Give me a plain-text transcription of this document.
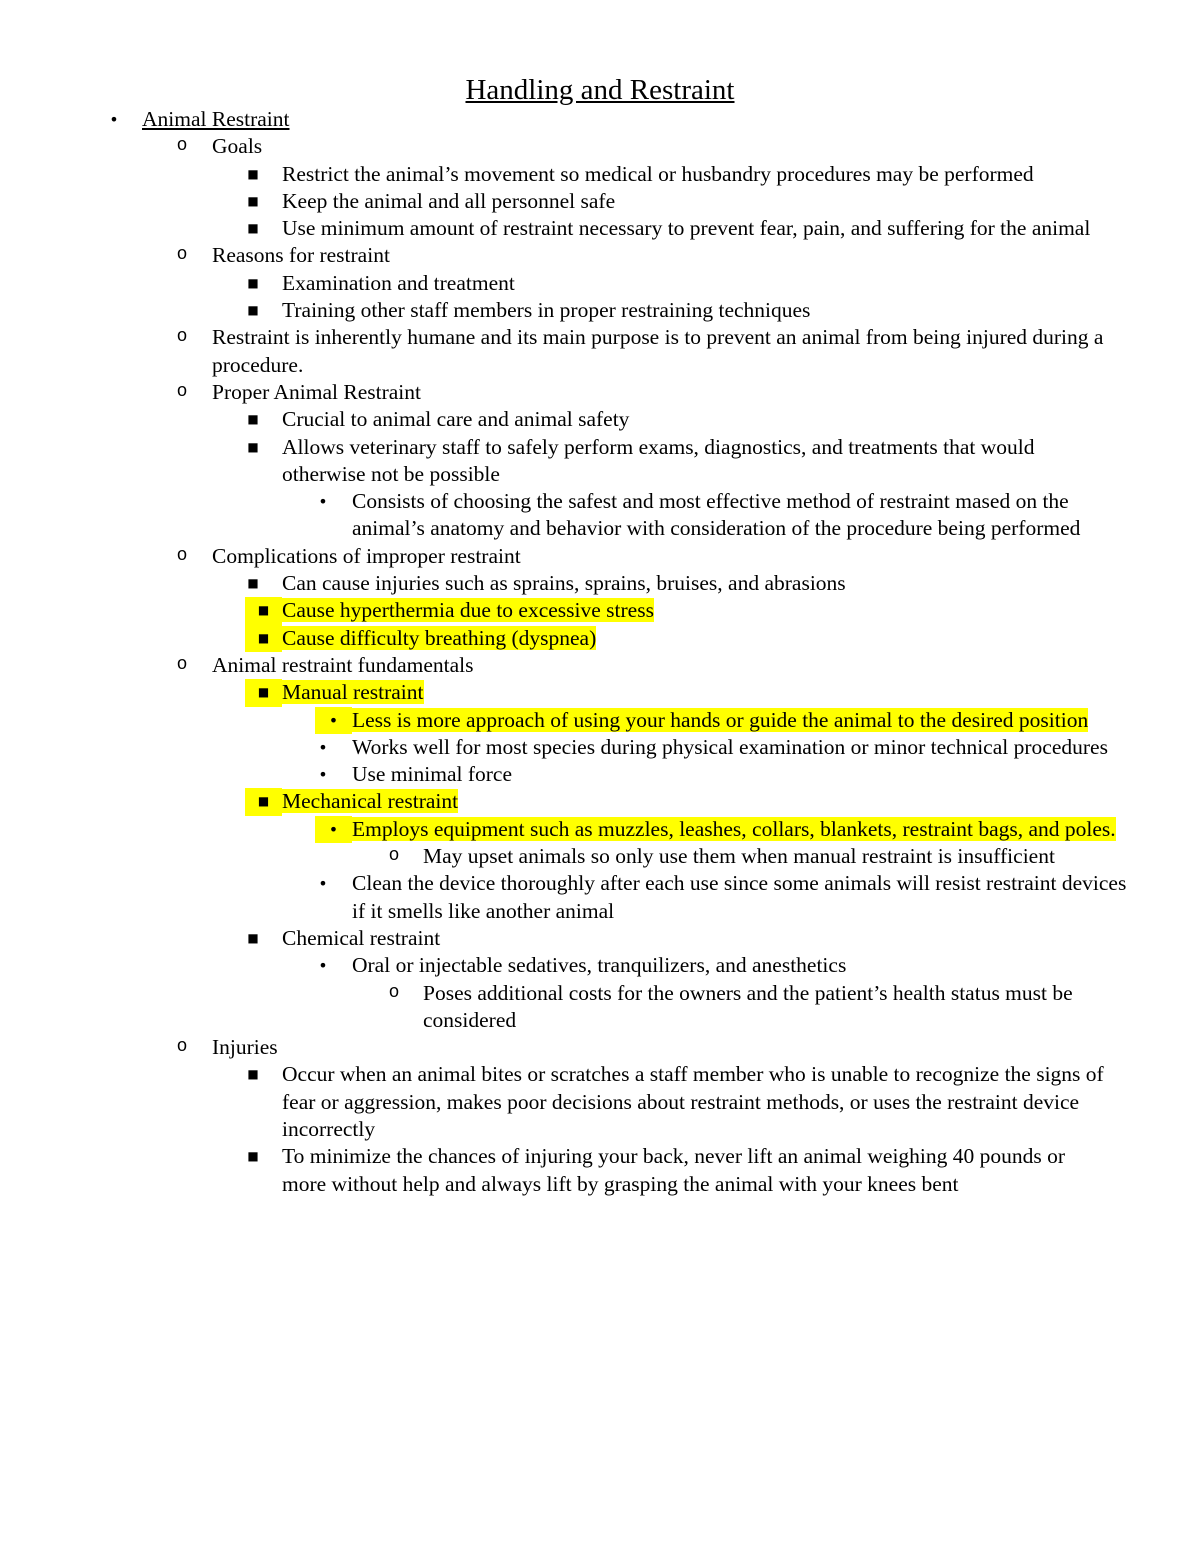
Handling and Restraint
• Animal Restraint
o Goals
■ Restrict the animal’s movement so medical or husbandry procedures may be performed
■ Keep the animal and all personnel safe
■ Use minimum amount of restraint necessary to prevent fear, pain, and suffering for the animal
o Reasons for restraint
■ Examination and treatment
■ Training other staff members in proper restraining techniques
o Restraint is inherently humane and its main purpose is to prevent an animal from being injured during a procedure.
o Proper Animal Restraint
■ Crucial to animal care and animal safety
■ Allows veterinary staff to safely perform exams, diagnostics, and treatments that would otherwise not be possible
• Consists of choosing the safest and most effective method of restraint mased on the animal’s anatomy and behavior with consideration of the procedure being performed
o Complications of improper restraint
■ Can cause injuries such as sprains, sprains, bruises, and abrasions
■ Cause hyperthermia due to excessive stress
■ Cause difficulty breathing (dyspnea)
o Animal restraint fundamentals
■ Manual restraint
• Less is more approach of using your hands or guide the animal to the desired position
• Works well for most species during physical examination or minor technical procedures
• Use minimal force
■ Mechanical restraint
• Employs equipment such as muzzles, leashes, collars, blankets, restraint bags, and poles.
o May upset animals so only use them when manual restraint is insufficient
• Clean the device thoroughly after each use since some animals will resist restraint devices if it smells like another animal
■ Chemical restraint
• Oral or injectable sedatives, tranquilizers, and anesthetics
o Poses additional costs for the owners and the patient’s health status must be considered
o Injuries
■ Occur when an animal bites or scratches a staff member who is unable to recognize the signs of fear or aggression, makes poor decisions about restraint methods, or uses the restraint device incorrectly
■ To minimize the chances of injuring your back, never lift an animal weighing 40 pounds or more without help and always lift by grasping the animal with your knees bent
